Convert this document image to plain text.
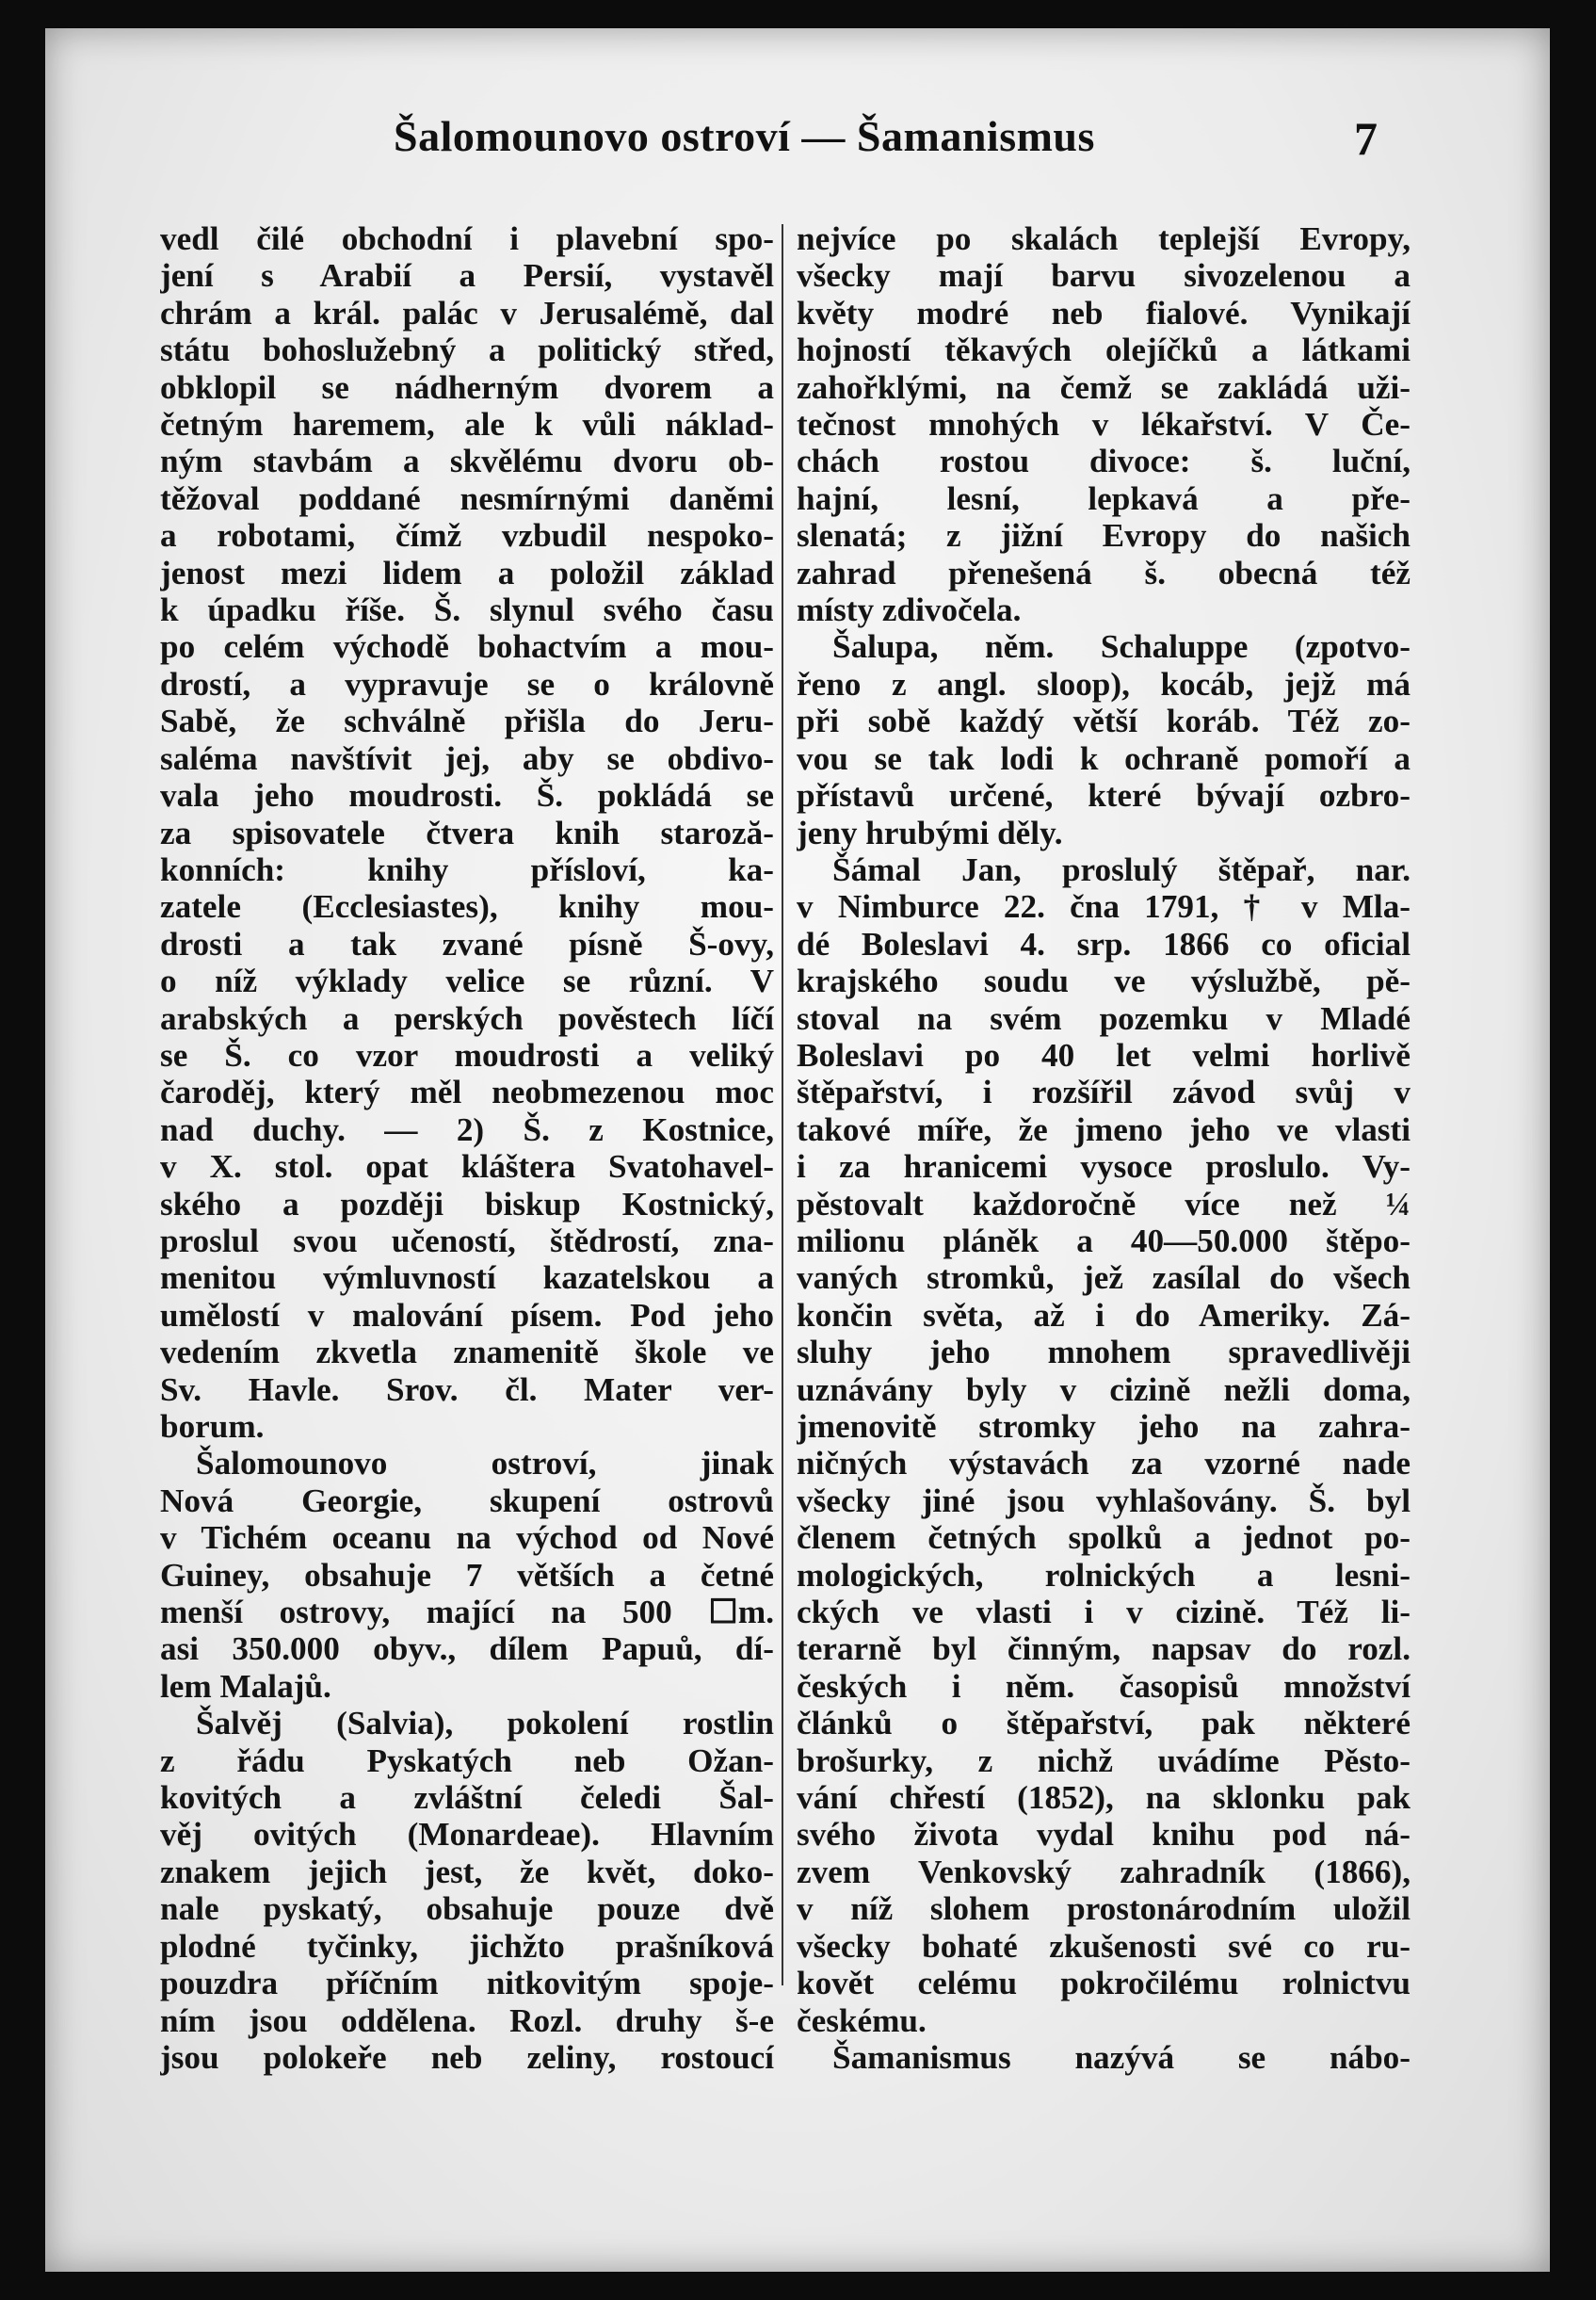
Šalomounovo ostroví — Šamanismus	7
vedl čilé obchodní i plavební spo-
jení s Arabií a Persií, vystavěl
chrám a král. palác v Jerusalémě, dal
státu bohoslužebný a politický střed,
obklopil se nádherným dvorem a
četným haremem, ale k vůli náklad-
ným stavbám a skvělému dvoru ob-
těžoval poddané nesmírnými daněmi
a robotami, čímž vzbudil nespoko-
jenost mezi lidem a položil základ
k úpadku říše. Š. slynul svého času
po celém východě bohactvím a mou-
drostí, a vypravuje se o královně
Sabě, že schválně přišla do Jeru-
saléma navštívit jej, aby se obdivo-
vala jeho moudrosti. Š. pokládá se
za spisovatele čtvera knih staroză-
konních: knihy přísloví, ka-
zatele (Ecclesiastes), knihy mou-
drosti a tak zvané písně Š-ovy,
o níž výklady velice se různí. V
arabských a perských pověstech líčí
se Š. co vzor moudrosti a veliký
čaroděj, který měl neobmezenou moc
nad duchy. — 2) Š. z Kostnice,
v X. stol. opat kláštera Svatohavel-
ského a později biskup Kostnický,
proslul svou učeností, štědrostí, zna-
menitou výmluvností kazatelskou a
umělostí v malování písem. Pod jeho
vedením zkvetla znamenitě škole ve
Sv. Havle. Srov. čl. Mater ver-
borum.
Šalomounovo ostroví, jinak
Nová Georgie, skupení ostrovů
v Tichém oceanu na východ od Nové
Guiney, obsahuje 7 větších a četné
menší ostrovy, mající na 500 ☐m.
asi 350.000 obyv., dílem Papuů, dí-
lem Malajů.
Šalvěj (Salvia), pokolení rostlin
z řádu Pyskatých neb Ožan-
kovitých a zvláštní čeledi Šal-
věj ovitých (Monardeae). Hlavním
znakem jejich jest, že květ, doko-
nale pyskatý, obsahuje pouze dvě
plodné tyčinky, jichžto prašníková
pouzdra příčním nitkovitým spoje-
ním jsou oddělena. Rozl. druhy š-e
jsou polokeře neb zeliny, rostoucí
nejvíce po skalách teplejší Evropy,
všecky mají barvu sivozelenou a
květy modré neb fialové. Vynikají
hojností těkavých olejíčků a látkami
zahořklými, na čemž se zakládá uži-
tečnost mnohých v lékařství. V Če-
chách rostou divoce: š. luční,
hajní, lesní, lepkavá a pře-
slenatá; z jižní Evropy do našich
zahrad přenešená š. obecná též
místy zdivočela.
Šalupa, něm. Schaluppe (zpotvo-
řeno z angl. sloop), kocáb, jejž má
při sobě každý větší koráb. Též zo-
vou se tak lodi k ochraně pomoří a
přístavů určené, které bývají ozbro-
jeny hrubými děly.
Šámal Jan, proslulý štěpař, nar.
v Nimburce 22. čna 1791, † v Mla-
dé Boleslavi 4. srp. 1866 co oficial
krajského soudu ve výslužbě, pě-
stoval na svém pozemku v Mladé
Boleslavi po 40 let velmi horlivě
štěpařství, i rozšířil závod svůj v
takové míře, že jmeno jeho ve vlasti
i za hranicemi vysoce proslulo. Vy-
pěstovalt každoročně více než ¼
milionu pláněk a 40—50.000 štěpo-
vaných stromků, jež zasílal do všech
končin světa, až i do Ameriky. Zá-
sluhy jeho mnohem spravedlivěji
uznávány byly v cizině nežli doma,
jmenovitě stromky jeho na zahra-
ničných výstavách za vzorné nade
všecky jiné jsou vyhlašovány. Š. byl
členem četných spolků a jednot po-
mologických, rolnických a lesni-
ckých ve vlasti i v cizině. Též li-
terarně byl činným, napsav do rozl.
českých i něm. časopisů množství
článků o štěpařství, pak některé
brošurky, z nichž uvádíme Pěsto-
vání chřestí (1852), na sklonku pak
svého života vydal knihu pod ná-
zvem Venkovský zahradník (1866),
v níž slohem prostonárodním uložil
všecky bohaté zkušenosti své co ru-
kovět celému pokročilému rolnictvu
českému.
Šamanismus nazývá se nábo-
